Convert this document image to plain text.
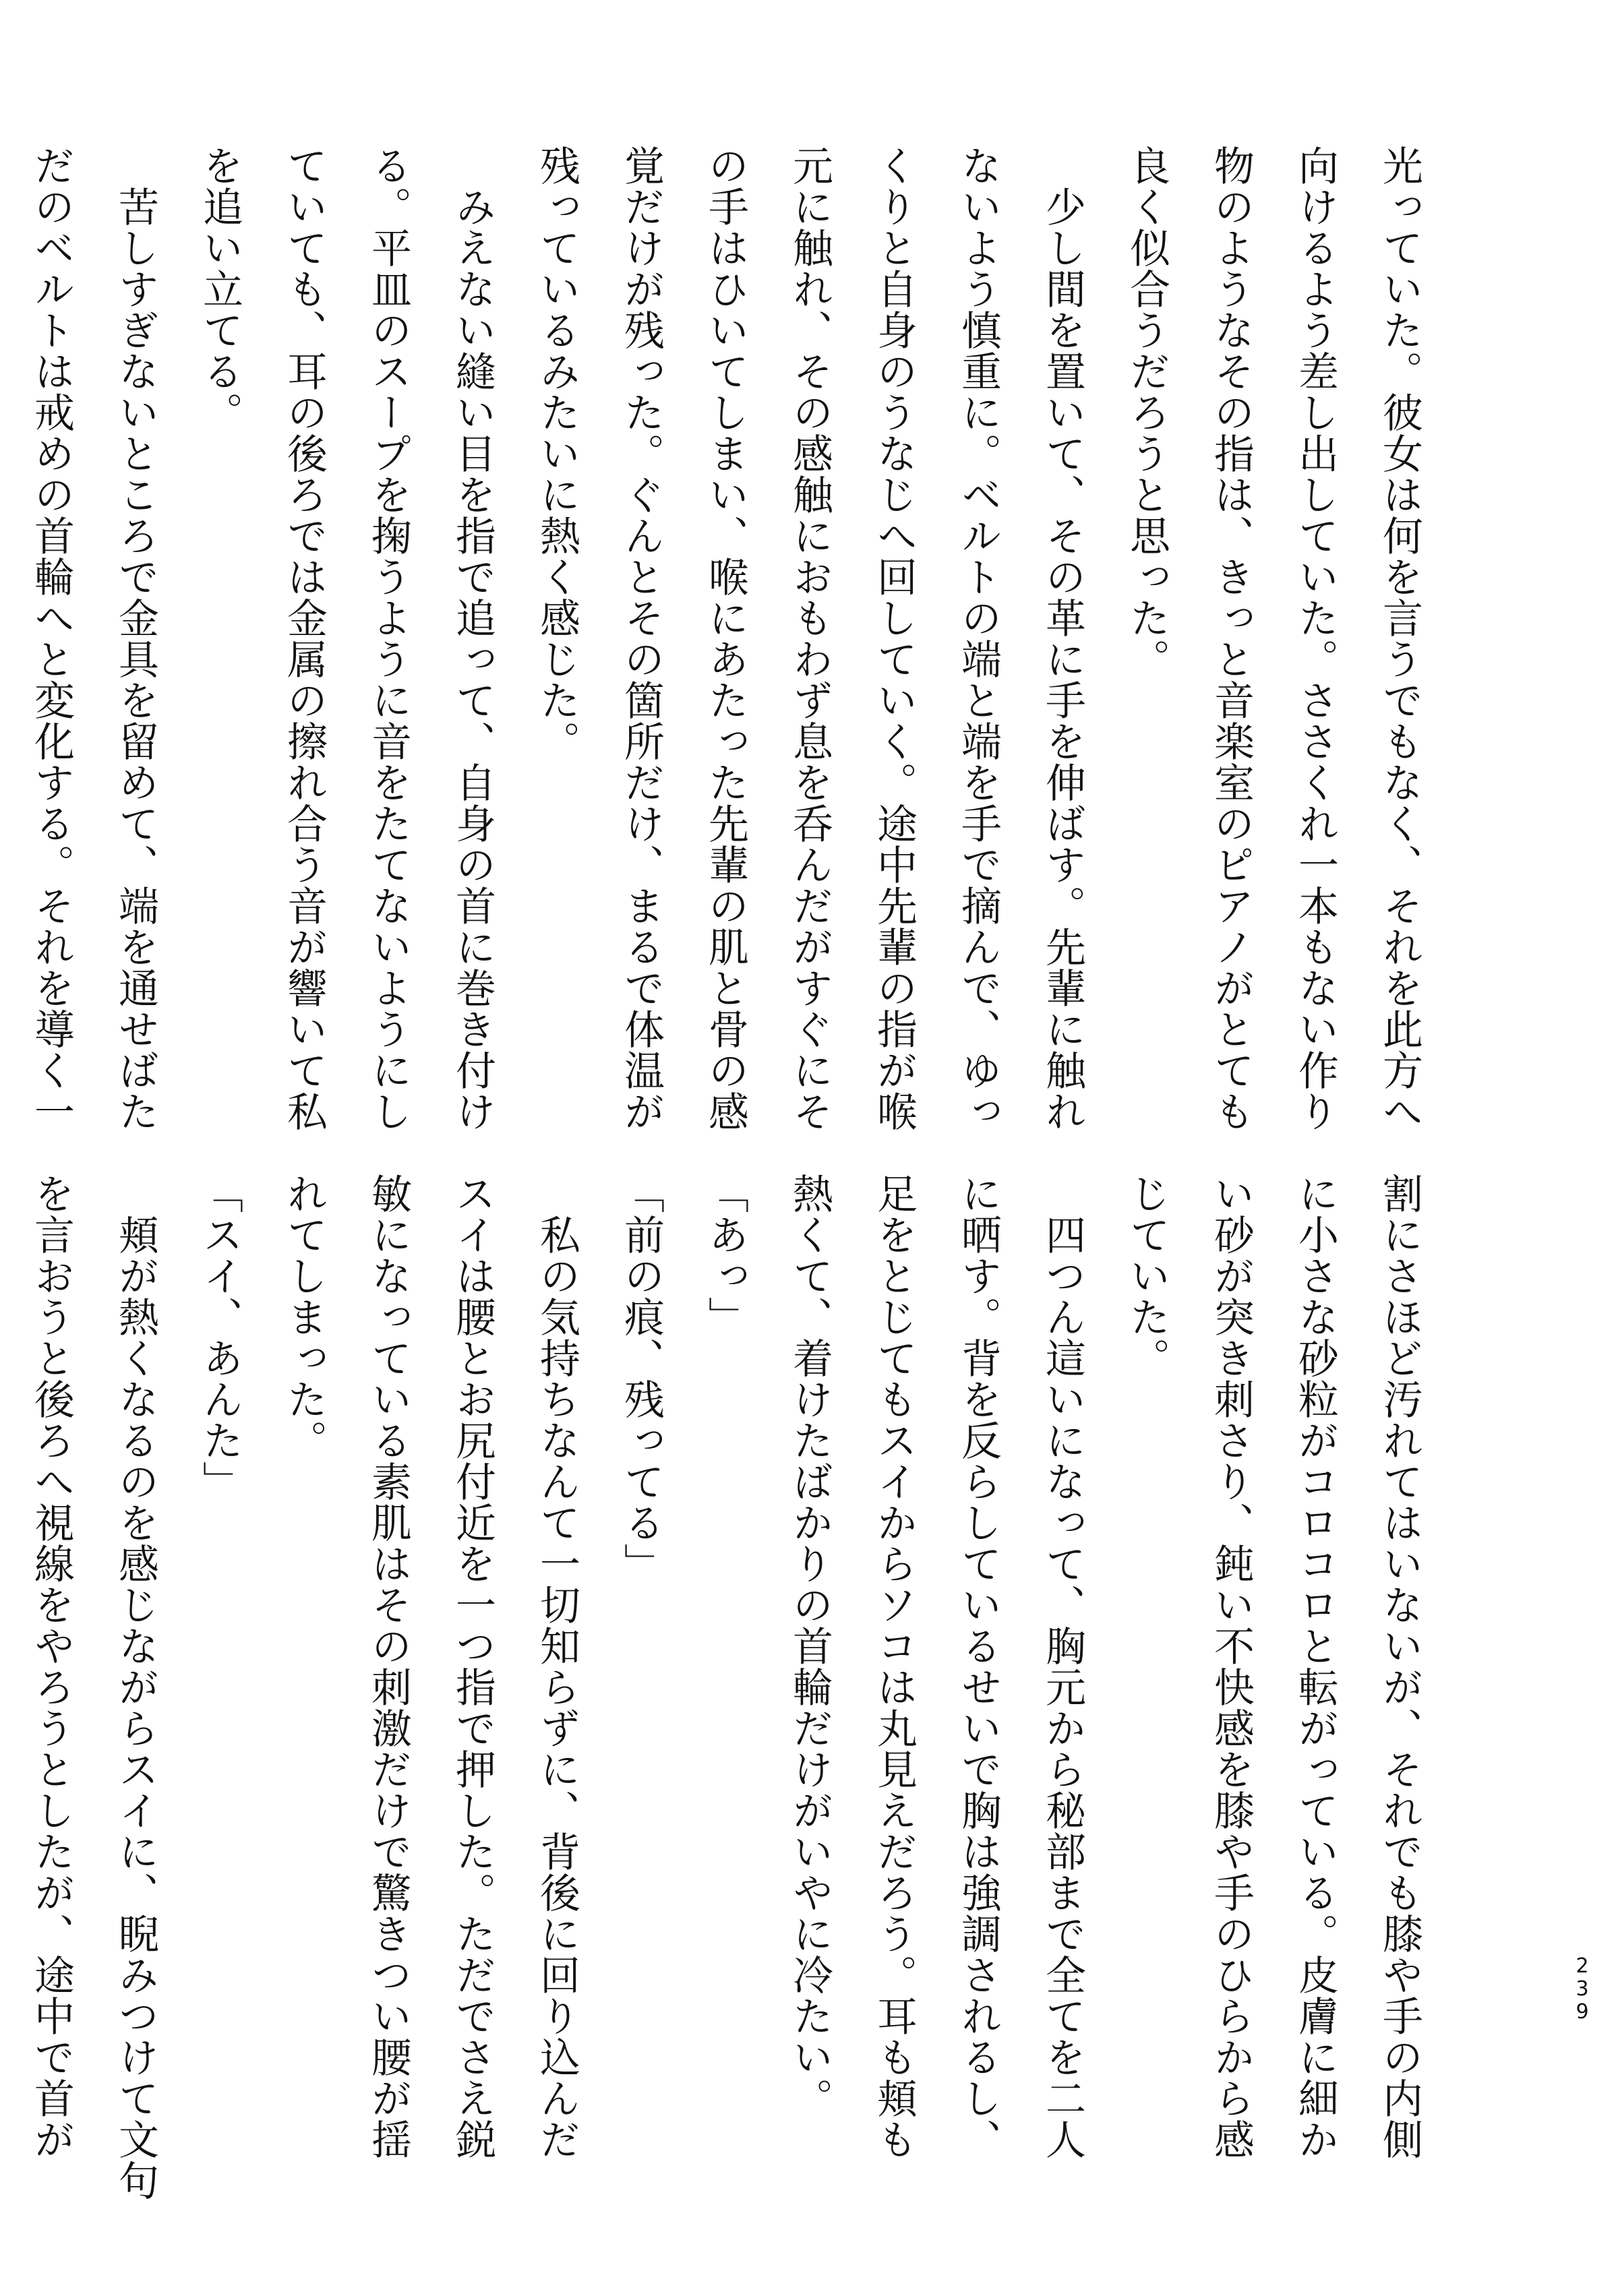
光っていた。彼女は何を言うでもなく、それを此方へ
向けるよう差し出していた。ささくれ一本もない作り
物のようなその指は、きっと音楽室のピアノがとても
良く似合うだろうと思った。
　少し間を置いて、その革に手を伸ばす。先輩に触れ
ないよう慎重に。ベルトの端と端を手で摘んで、ゆっ
くりと自身のうなじへ回していく。途中先輩の指が喉
元に触れ、その感触におもわず息を呑んだがすぐにそ
の手はひいてしまい、喉にあたった先輩の肌と骨の感
覚だけが残った。ぐんとその箇所だけ、まるで体温が
残っているみたいに熱く感じた。
　みえない縫い目を指で追って、自身の首に巻き付け
る。平皿のスープを掬うように音をたてないようにし
ていても、耳の後ろでは金属の擦れ合う音が響いて私
を追い立てる。
　苦しすぎないところで金具を留めて、端を通せばた
だのベルトは戒めの首輪へと変化する。それを導く一
割にさほど汚れてはいないが、それでも膝や手の内側
に小さな砂粒がコロコロと転がっている。皮膚に細か
い砂が突き刺さり、鈍い不快感を膝や手のひらから感
じていた。
　四つん這いになって、胸元から秘部まで全てを二人
に晒す。背を反らしているせいで胸は強調されるし、
足をとじてもスイからソコは丸見えだろう。耳も頬も
熱くて、着けたばかりの首輪だけがいやに冷たい。
「あっ」
「前の痕、残ってる」
　私の気持ちなんて一切知らずに、背後に回り込んだ
スイは腰とお尻付近を一つ指で押した。ただでさえ鋭
敏になっている素肌はその刺激だけで驚きつい腰が揺
れてしまった。
「スイ、あんた」
　頬が熱くなるのを感じながらスイに、睨みつけて文句
を言おうと後ろへ視線をやろうとしたが、途中で首が	2
3
9
